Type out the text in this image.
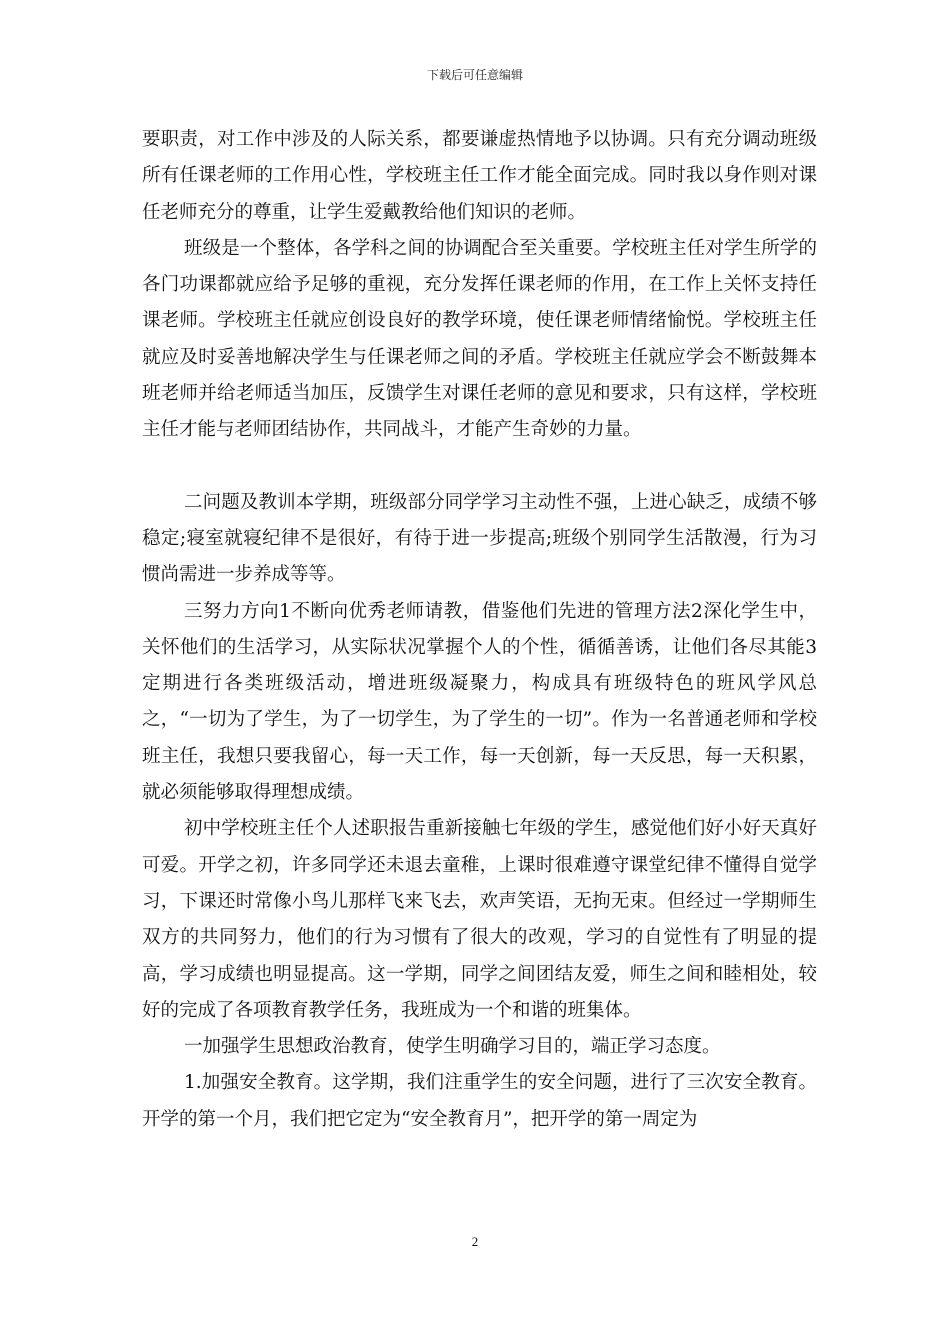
下载后可任意编辑

要职责，对工作中涉及的人际关系，都要谦虚热情地予以协调。只有充分调动班级所有任课老师的工作用心性，学校班主任工作才能全面完成。同时我以身作则对课任老师充分的尊重，让学生爱戴教给他们知识的老师。

班级是一个整体，各学科之间的协调配合至关重要。学校班主任对学生所学的各门功课都就应给予足够的重视，充分发挥任课老师的作用，在工作上关怀支持任课老师。学校班主任就应创设良好的教学环境，使任课老师情绪愉悦。学校班主任就应及时妥善地解决学生与任课老师之间的矛盾。学校班主任就应学会不断鼓舞本班老师并给老师适当加压，反馈学生对课任老师的意见和要求，只有这样，学校班主任才能与老师团结协作，共同战斗，才能产生奇妙的力量。

二问题及教训本学期，班级部分同学学习主动性不强，上进心缺乏，成绩不够稳定;寝室就寝纪律不是很好，有待于进一步提高;班级个别同学生活散漫，行为习惯尚需进一步养成等等。

三努力方向1不断向优秀老师请教，借鉴他们先进的管理方法2深化学生中，关怀他们的生活学习，从实际状况掌握个人的个性，循循善诱，让他们各尽其能3定期进行各类班级活动，增进班级凝聚力，构成具有班级特色的班风学风总之，“一切为了学生，为了一切学生，为了学生的一切”。作为一名普通老师和学校班主任，我想只要我留心，每一天工作，每一天创新，每一天反思，每一天积累，就必须能够取得理想成绩。

初中学校班主任个人述职报告重新接触七年级的学生，感觉他们好小好天真好可爱。开学之初，许多同学还未退去童稚，上课时很难遵守课堂纪律不懂得自觉学习，下课还时常像小鸟儿那样飞来飞去，欢声笑语，无拘无束。但经过一学期师生双方的共同努力，他们的行为习惯有了很大的改观，学习的自觉性有了明显的提高，学习成绩也明显提高。这一学期，同学之间团结友爱，师生之间和睦相处，较好的完成了各项教育教学任务，我班成为一个和谐的班集体。

一加强学生思想政治教育，使学生明确学习目的，端正学习态度。

1.加强安全教育。这学期，我们注重学生的安全问题，进行了三次安全教育。开学的第一个月，我们把它定为“安全教育月”，把开学的第一周定为

2
